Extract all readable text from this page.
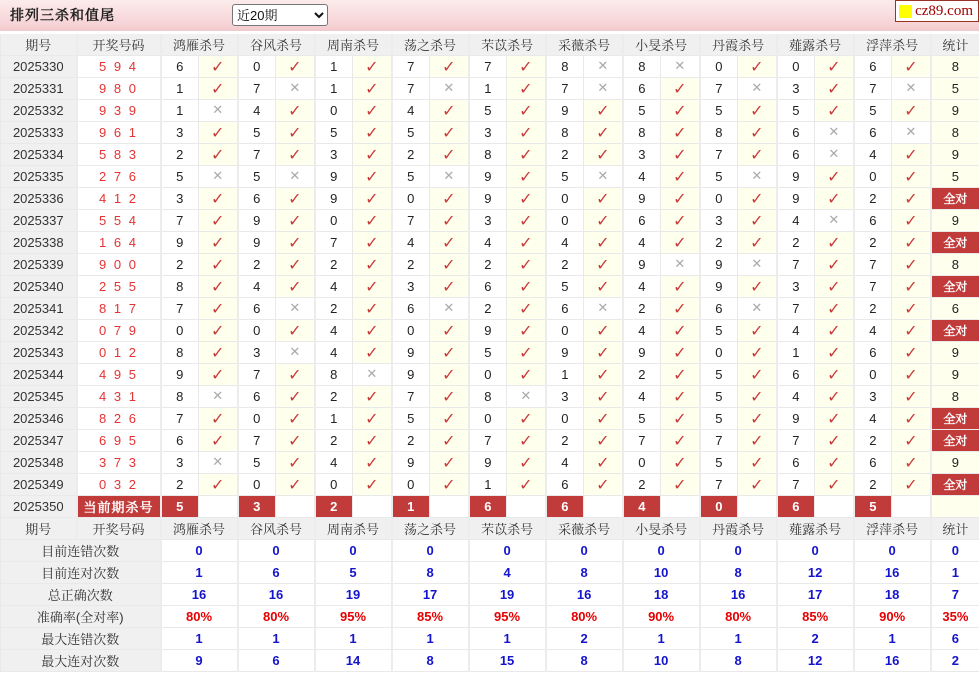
排列三杀和值尾
近20期	cz89.com
期号	开奖号码	鸿雁杀号		谷风杀号		周南杀号		荡之杀号		芣苡杀号		采薇杀号		小旻杀号		丹霞杀号		薤露杀号		浮萍杀号		统计
2025330	5 9 4	6	✓	0	✓	1	✓	7	✓	7	✓	8	✕	8	✕	0	✓	0	✓	6	✓	8
2025331	9 8 0	1	✓	7	✕	1	✓	7	✕	1	✓	7	✕	6	✓	7	✕	3	✓	7	✕	5
2025332	9 3 9	1	✕	4	✓	0	✓	4	✓	5	✓	9	✓	5	✓	5	✓	5	✓	5	✓	9
2025333	9 6 1	3	✓	5	✓	5	✓	5	✓	3	✓	8	✓	8	✓	8	✓	6	✕	6	✕	8
2025334	5 8 3	2	✓	7	✓	3	✓	2	✓	8	✓	2	✓	3	✓	7	✓	6	✕	4	✓	9
2025335	2 7 6	5	✕	5	✕	9	✓	5	✕	9	✓	5	✕	4	✓	5	✕	9	✓	0	✓	5
2025336	4 1 2	3	✓	6	✓	9	✓	0	✓	9	✓	0	✓	9	✓	0	✓	9	✓	2	✓	全对
2025337	5 5 4	7	✓	9	✓	0	✓	7	✓	3	✓	0	✓	6	✓	3	✓	4	✕	6	✓	9
2025338	1 6 4	9	✓	9	✓	7	✓	4	✓	4	✓	4	✓	4	✓	2	✓	2	✓	2	✓	全对
2025339	9 0 0	2	✓	2	✓	2	✓	2	✓	2	✓	2	✓	9	✕	9	✕	7	✓	7	✓	8
2025340	2 5 5	8	✓	4	✓	4	✓	3	✓	6	✓	5	✓	4	✓	9	✓	3	✓	7	✓	全对
2025341	8 1 7	7	✓	6	✕	2	✓	6	✕	2	✓	6	✕	2	✓	6	✕	7	✓	2	✓	6
2025342	0 7 9	0	✓	0	✓	4	✓	0	✓	9	✓	0	✓	4	✓	5	✓	4	✓	4	✓	全对
2025343	0 1 2	8	✓	3	✕	4	✓	9	✓	5	✓	9	✓	9	✓	0	✓	1	✓	6	✓	9
2025344	4 9 5	9	✓	7	✓	8	✕	9	✓	0	✓	1	✓	2	✓	5	✓	6	✓	0	✓	9
2025345	4 3 1	8	✕	6	✓	2	✓	7	✓	8	✕	3	✓	4	✓	5	✓	4	✓	3	✓	8
2025346	8 2 6	7	✓	0	✓	1	✓	5	✓	0	✓	0	✓	5	✓	5	✓	9	✓	4	✓	全对
2025347	6 9 5	6	✓	7	✓	2	✓	2	✓	7	✓	2	✓	7	✓	7	✓	7	✓	2	✓	全对
2025348	3 7 3	3	✕	5	✓	4	✓	9	✓	9	✓	4	✓	0	✓	5	✓	6	✓	6	✓	9
2025349	0 3 2	2	✓	0	✓	0	✓	0	✓	1	✓	6	✓	2	✓	7	✓	7	✓	2	✓	全对
2025350	当前期杀号	5		3		2		1		6		6		4		0		6		5		
期号	开奖号码	鸿雁杀号		谷风杀号		周南杀号		荡之杀号		芣苡杀号		采薇杀号		小旻杀号		丹霞杀号		薤露杀号		浮萍杀号		统计
目前连错次数		0		0		0		0		0		0		0		0		0		0		0
目前连对次数		1		6		5		8		4		8		10		8		12		16		1
总正确次数		16		16		19		17		19		16		18		16		17		18		7
准确率(全对率)		80%		80%		95%		85%		95%		80%		90%		80%		85%		90%		35%
最大连错次数		1		1		1		1		1		2		1		1		2		1		6
最大连对次数		9		6		14		8		15		8		10		8		12		16		2
